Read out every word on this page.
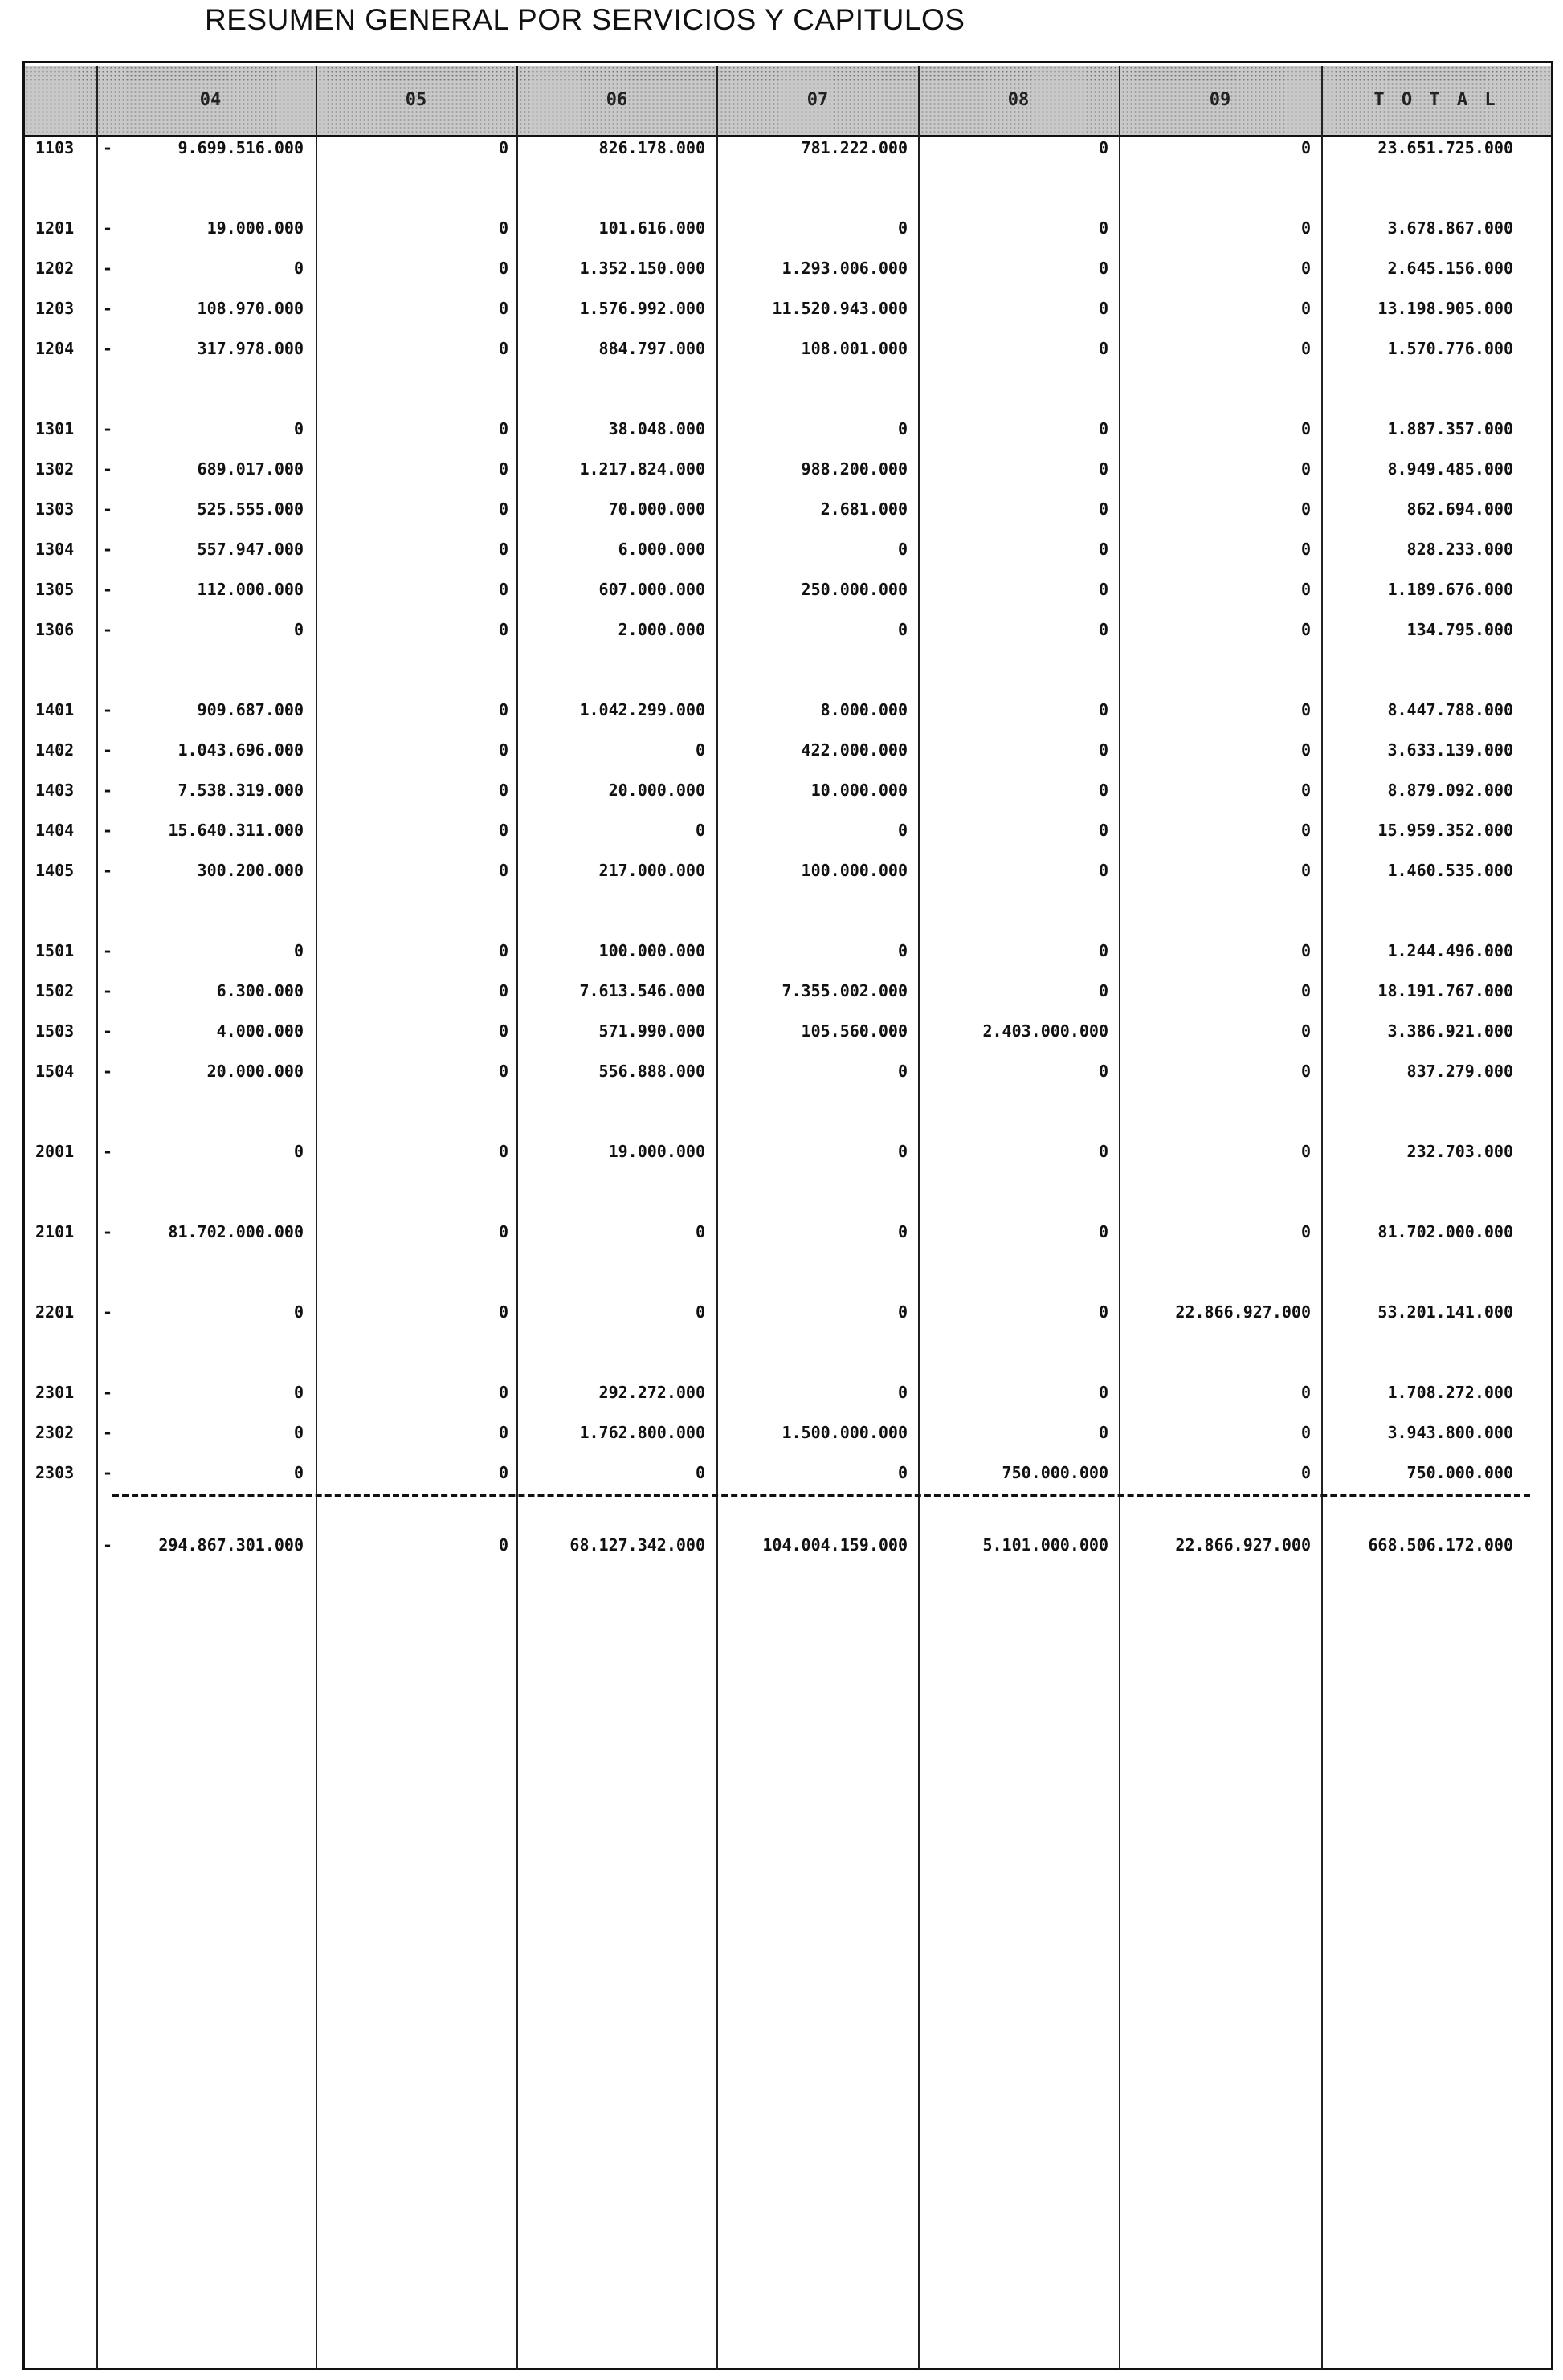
RESUMEN GENERAL POR SERVICIOS Y CAPITULOS
04	05	06	07	08	09	T O T A L
1103 -	9.699.516.000	0	826.178.000	781.222.000	0	0	23.651.725.000
1201 -	19.000.000	0	101.616.000	0	0	0	3.678.867.000
1202 -	0	0	1.352.150.000	1.293.006.000	0	0	2.645.156.000
1203 -	108.970.000	0	1.576.992.000	11.520.943.000	0	0	13.198.905.000
1204 -	317.978.000	0	884.797.000	108.001.000	0	0	1.570.776.000
1301 -	0	0	38.048.000	0	0	0	1.887.357.000
1302 -	689.017.000	0	1.217.824.000	988.200.000	0	0	8.949.485.000
1303 -	525.555.000	0	70.000.000	2.681.000	0	0	862.694.000
1304 -	557.947.000	0	6.000.000	0	0	0	828.233.000
1305 -	112.000.000	0	607.000.000	250.000.000	0	0	1.189.676.000
1306 -	0	0	2.000.000	0	0	0	134.795.000
1401 -	909.687.000	0	1.042.299.000	8.000.000	0	0	8.447.788.000
1402 -	1.043.696.000	0	0	422.000.000	0	0	3.633.139.000
1403 -	7.538.319.000	0	20.000.000	10.000.000	0	0	8.879.092.000
1404 -	15.640.311.000	0	0	0	0	0	15.959.352.000
1405 -	300.200.000	0	217.000.000	100.000.000	0	0	1.460.535.000
1501 -	0	0	100.000.000	0	0	0	1.244.496.000
1502 -	6.300.000	0	7.613.546.000	7.355.002.000	0	0	18.191.767.000
1503 -	4.000.000	0	571.990.000	105.560.000	2.403.000.000	0	3.386.921.000
1504 -	20.000.000	0	556.888.000	0	0	0	837.279.000
2001 -	0	0	19.000.000	0	0	0	232.703.000
2101 -	81.702.000.000	0	0	0	0	0	81.702.000.000
2201 -	0	0	0	0	0	22.866.927.000	53.201.141.000
2301 -	0	0	292.272.000	0	0	0	1.708.272.000
2302 -	0	0	1.762.800.000	1.500.000.000	0	0	3.943.800.000
2303 -	0	0	0	0	750.000.000	0	750.000.000
-	294.867.301.000	0	68.127.342.000	104.004.159.000	5.101.000.000	22.866.927.000	668.506.172.000
